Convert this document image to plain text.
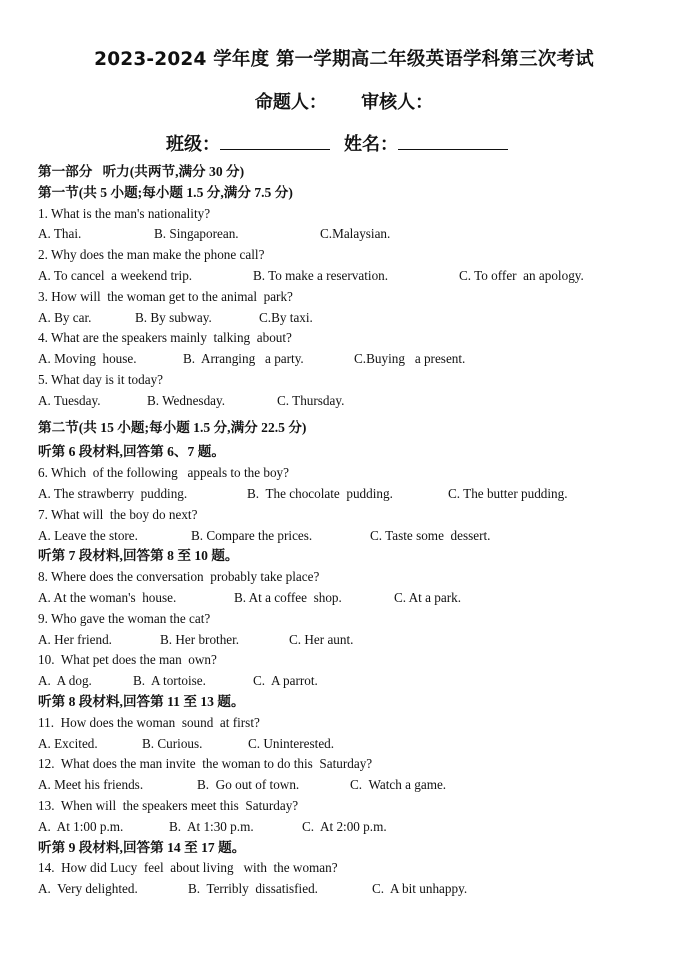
2023-2024 学年度 第一学期高二年级英语学科第三次考试
命题人： 审核人：
班级：	姓名：
第一部分   听力(共两节,满分 30 分)
第一节(共 5 小题;每小题 1.5 分,满分 7.5 分)
1. What is the man's nationality?
A. Thai.	B. Singaporean.	C.Malaysian.
2. Why does the man make the phone call?
A. To cancel  a weekend trip.	B. To make a reservation.	C. To offer  an apology.
3. How will  the woman get to the animal  park?
A. By car.	B. By subway.	C.By taxi.
4. What are the speakers mainly  talking  about?
A. Moving  house.	B.  Arranging   a party.	C.Buying   a present.
5. What day is it today?
A. Tuesday.	B. Wednesday.	C. Thursday.
第二节(共 15 小题;每小题 1.5 分,满分 22.5 分)
听第 6 段材料,回答第 6、7 题。
6. Which  of the following   appeals to the boy?
A. The strawberry  pudding.	B.  The chocolate  pudding.	C. The butter pudding.
7. What will  the boy do next?
A. Leave the store.	B. Compare the prices.	C. Taste some  dessert.
听第 7 段材料,回答第 8 至 10 题。
8. Where does the conversation  probably take place?
A. At the woman's  house.	B. At a coffee  shop.	C. At a park.
9. Who gave the woman the cat?
A. Her friend.	B. Her brother.	C. Her aunt.
10.  What pet does the man  own?
A.  A dog.	B.  A tortoise.	C.  A parrot.
听第 8 段材料,回答第 11 至 13 题。
11.  How does the woman  sound  at first?
A. Excited.	B. Curious.	C. Uninterested.
12.  What does the man invite  the woman to do this  Saturday?
A. Meet his friends.	B.  Go out of town.	C.  Watch a game.
13.  When will  the speakers meet this  Saturday?
A.  At 1:00 p.m.	B.  At 1:30 p.m.	C.  At 2:00 p.m.
听第 9 段材料,回答第 14 至 17 题。
14.  How did Lucy  feel  about living   with  the woman?
A.  Very delighted.	B.  Terribly  dissatisfied.	C.  A bit unhappy.
